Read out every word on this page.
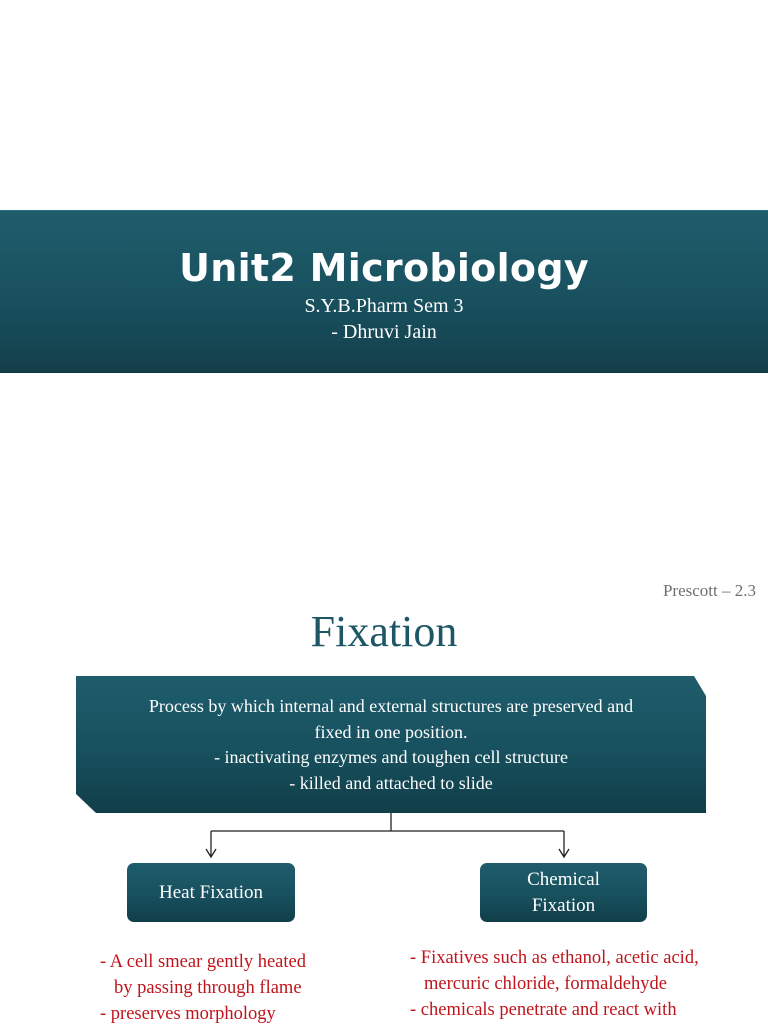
Unit2 Microbiology
S.Y.B.Pharm Sem 3
- Dhruvi Jain
Prescott – 2.3
Fixation
Process by which internal and external structures are preserved and
fixed in one position.
- inactivating enzymes and toughen cell structure
- killed and attached to slide
Heat Fixation
Chemical
Fixation
- A cell smear gently heated
by passing through flame
- preserves morphology
- Fixatives such as ethanol, acetic acid,
mercuric chloride, formaldehyde
- chemicals penetrate and react with
